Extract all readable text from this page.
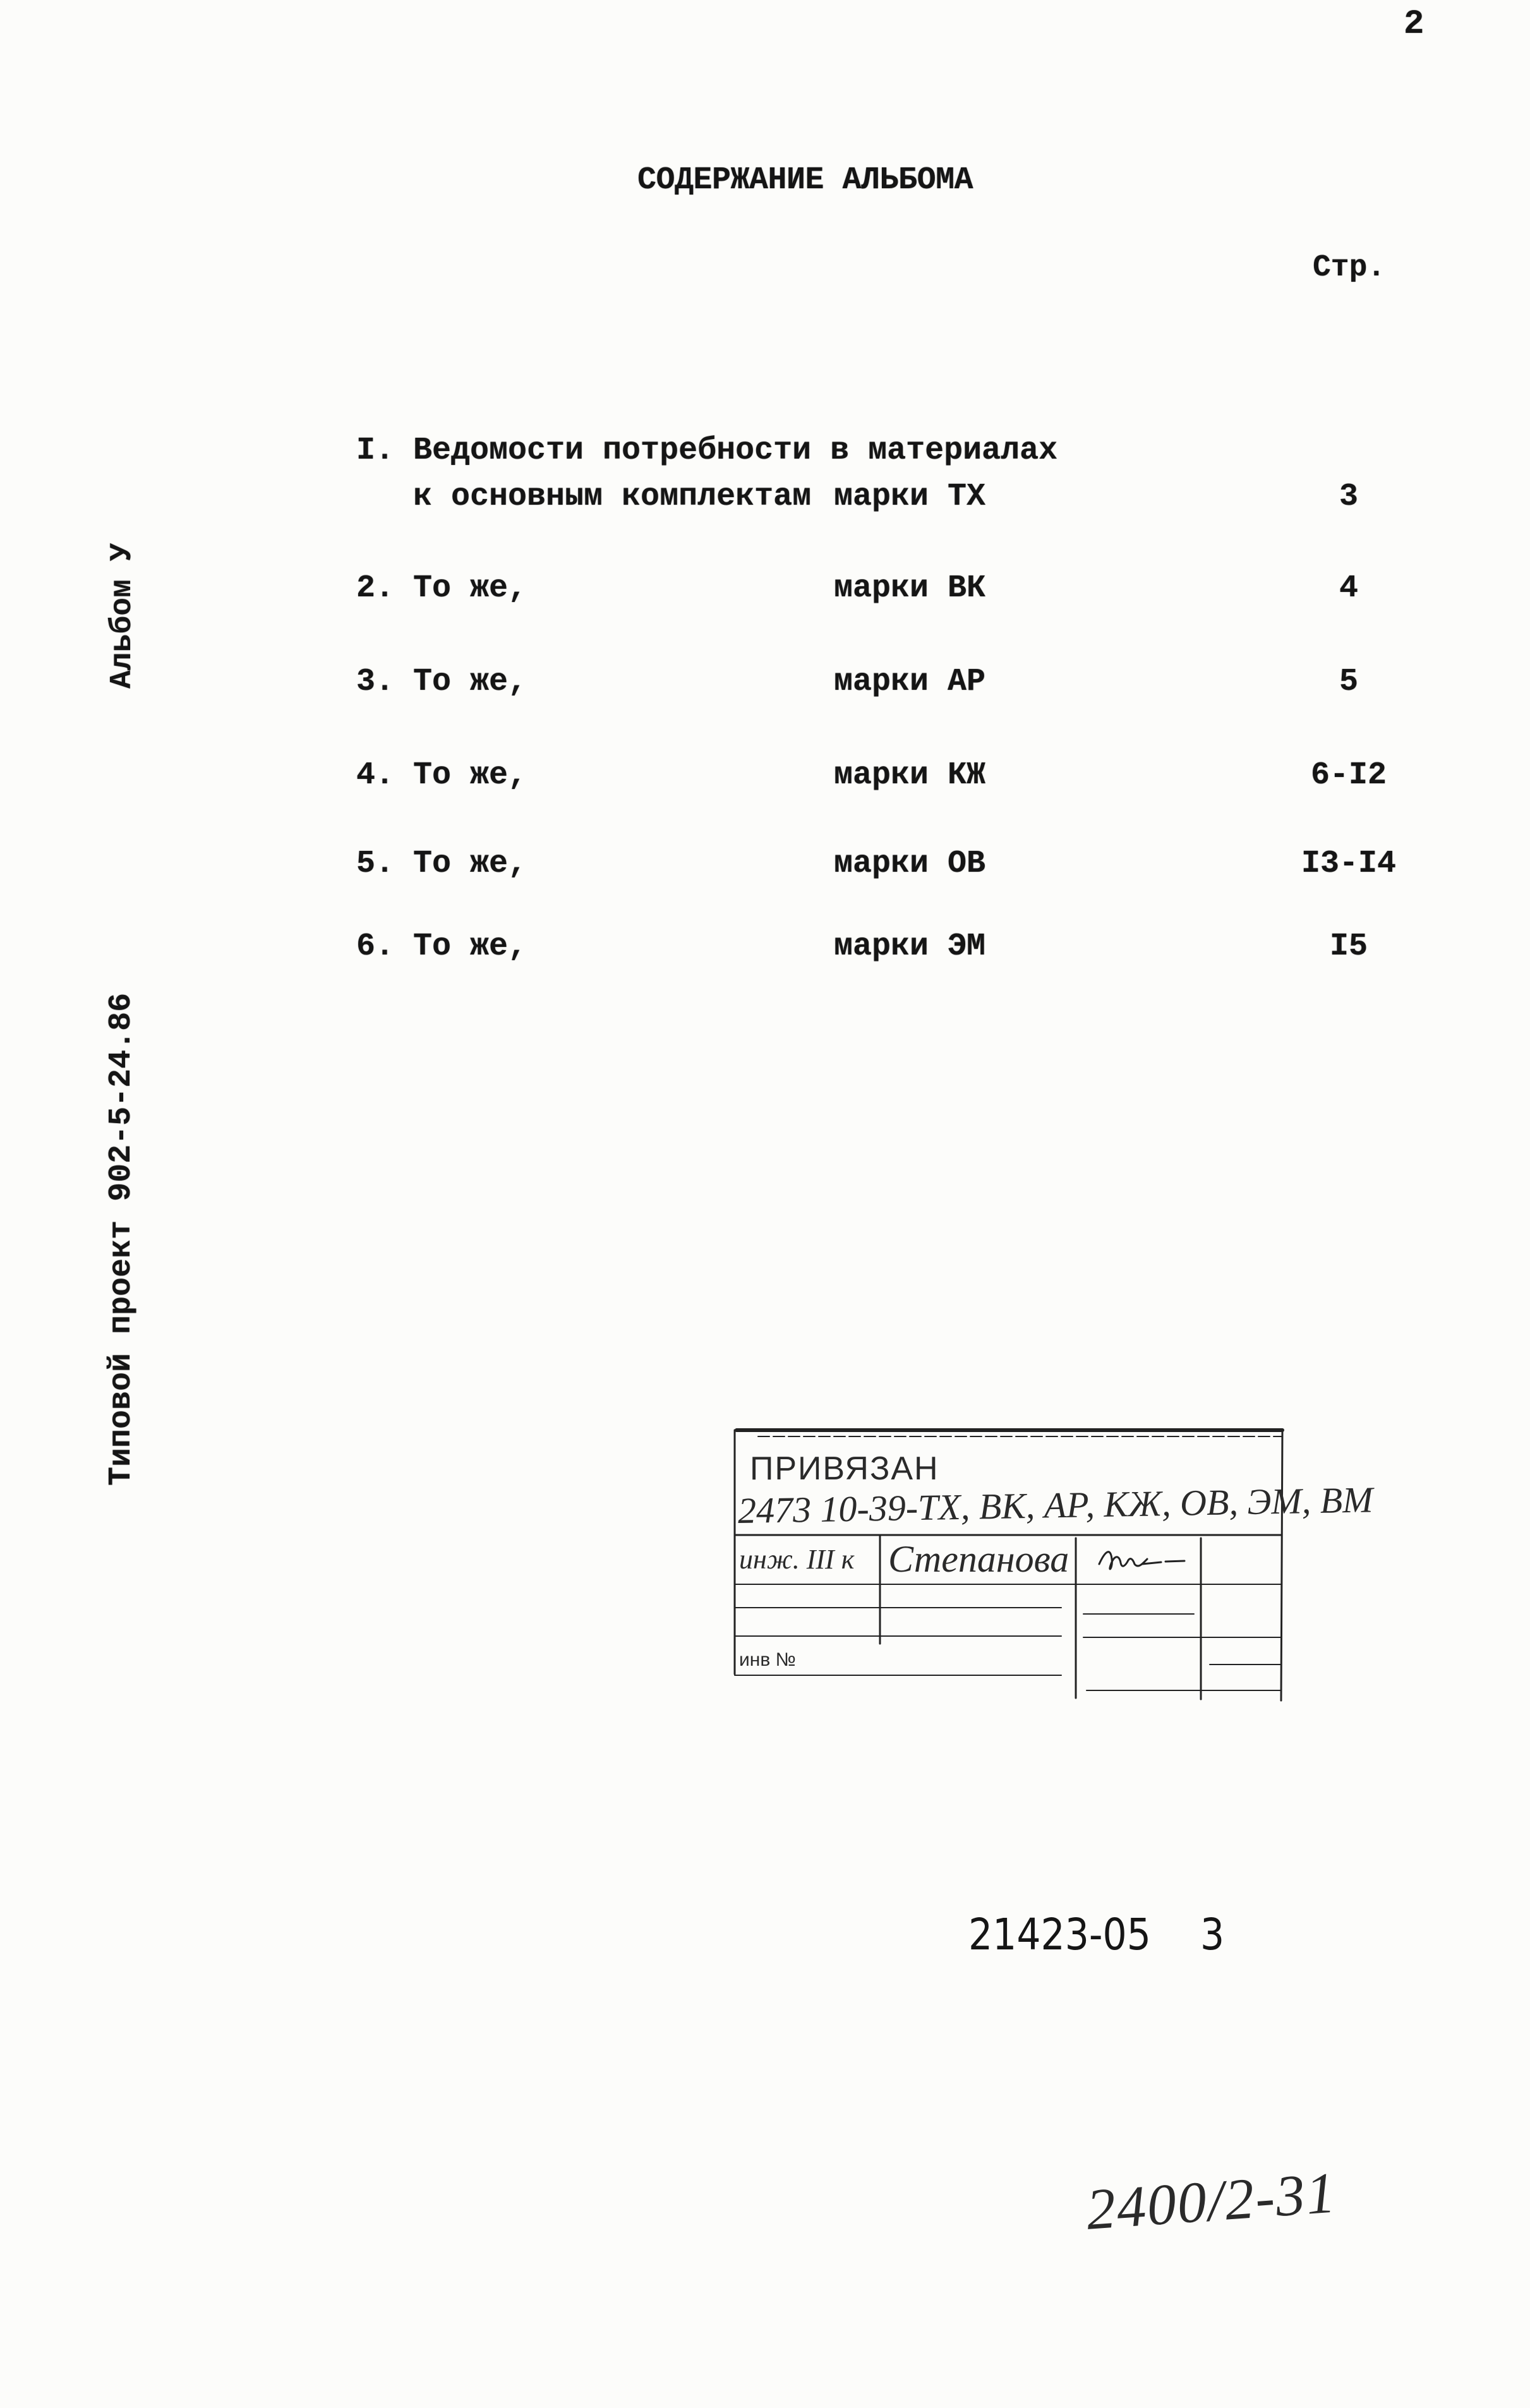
2
СОДЕРЖАНИЕ АЛЬБОМА
Стр.
I. Ведомости потребности в материалах
к основным комплектам марки ТХ	3
2. То же,	марки ВК	4
3. То же,	марки АР	5
4. То же,	марки КЖ	6-I2
5. То же,	марки ОВ	I3-I4
6. То же,	марки ЭМ	I5
Альбом У
Типовой проект 902-5-24.86	ПРИВЯЗАН
2473 10-39-ТХ, ВК, АР, КЖ, ОВ, ЭМ, ВМ
инж. III к Степанова
инв №
21423-05 3
2400/2-31
